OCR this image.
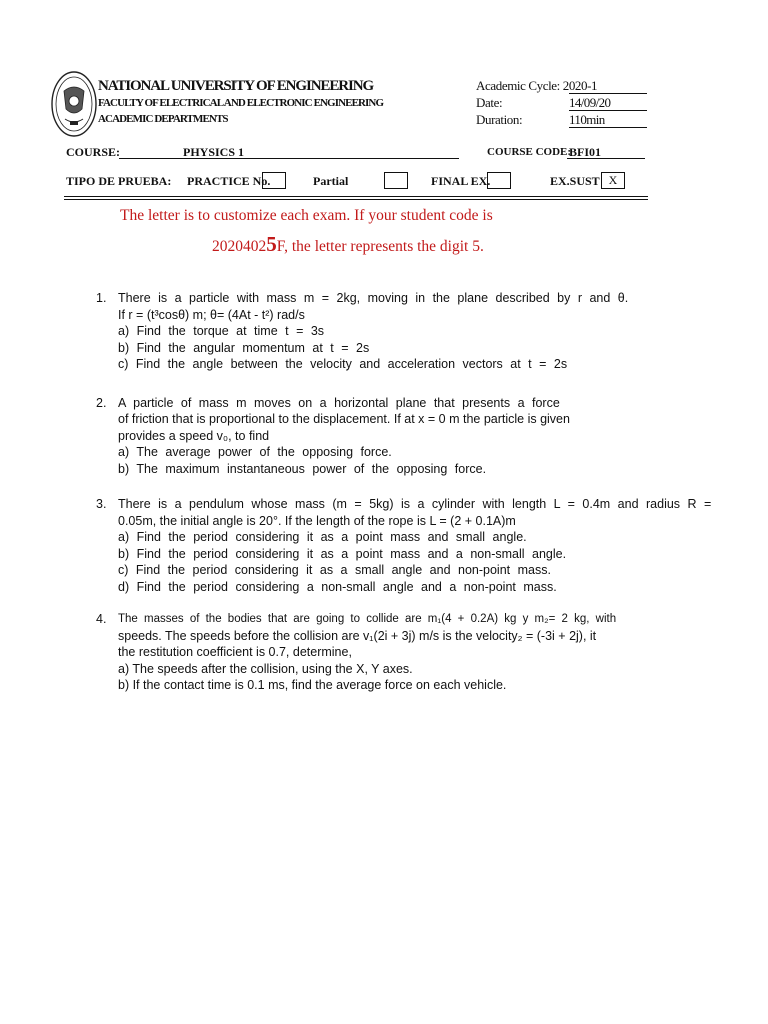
NATIONAL UNIVERSITY OF ENGINEERING
FACULTY OF ELECTRICAL AND ELECTRONIC ENGINEERING
ACADEMIC DEPARTMENTS
Academic Cycle: 2020-1
Date:	14/09/20
Duration:	110min
COURSE:	PHYSICS 1	COURSE CODE:
BFI01
TIPO DE PRUEBA: PRACTICE No.	Partial	FINAL EX.	EX.SUST X
The letter is to customize each exam. If your student code is
20204025F, the letter represents the digit 5.
1. There is a particle with mass m = 2kg, moving in the plane described by r and θ.
If r = (t³cosθ) m; θ= (4At - t²) rad/s
a) Find the torque at time t = 3s
b) Find the angular momentum at t = 2s
c) Find the angle between the velocity and acceleration vectors at t = 2s
2. A particle of mass m moves on a horizontal plane that presents a force
of friction that is proportional to the displacement. If at x = 0 m the particle is given
provides a speed v₀, to find
a) The average power of the opposing force.
b) The maximum instantaneous power of the opposing force.
3. There is a pendulum whose mass (m = 5kg) is a cylinder with length L = 0.4m and radius R =
0.05m, the initial angle is 20°. If the length of the rope is L = (2 + 0.1A)m
a) Find the period considering it as a point mass and small angle.
b) Find the period considering it as a point mass and a non-small angle.
c) Find the period considering it as a small angle and non-point mass.
d) Find the period considering a non-small angle and a non-point mass.
4.	The masses of the bodies that are going to collide are m₁(4 + 0.2A) kg y m₂= 2 kg, with
speeds. The speeds before the collision are v₁(2i + 3j) m/s is the velocity₂ = (-3i + 2j), it
the restitution coefficient is 0.7, determine,
a) The speeds after the collision, using the X, Y axes.
b) If the contact time is 0.1 ms, find the average force on each vehicle.
